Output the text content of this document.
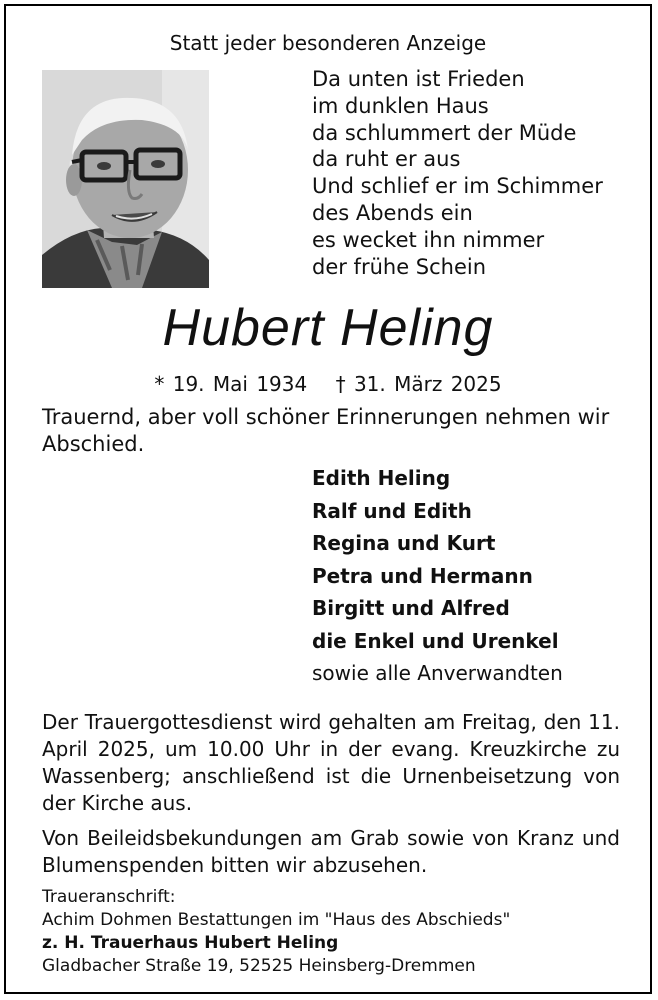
Statt jeder besonderen Anzeige
Da unten ist Frieden
im dunklen Haus
da schlummert der Müde
da ruht er aus
Und schlief er im Schimmer
des Abends ein
es wecket ihn nimmer
der frühe Schein
Hubert Heling
* 19. Mai 1934 † 31. März 2025
Trauernd, aber voll schöner Erinnerungen nehmen wir Abschied.
Edith Heling
Ralf und Edith
Regina und Kurt
Petra und Hermann
Birgitt und Alfred
die Enkel und Urenkel
sowie alle Anverwandten

Der Trauergottesdienst wird gehalten am Freitag, den 11. April 2025, um 10.00 Uhr in der evang. Kreuzkirche zu Wassenberg; anschließend ist die Urnenbeisetzung von der Kirche aus.

Von Beileidsbekundungen am Grab sowie von Kranz und Blumenspenden bitten wir abzusehen.

Traueranschrift:
Achim Dohmen Bestattungen im "Haus des Abschieds"
z. H. Trauerhaus Hubert Heling
Gladbacher Straße 19, 52525 Heinsberg-Dremmen
